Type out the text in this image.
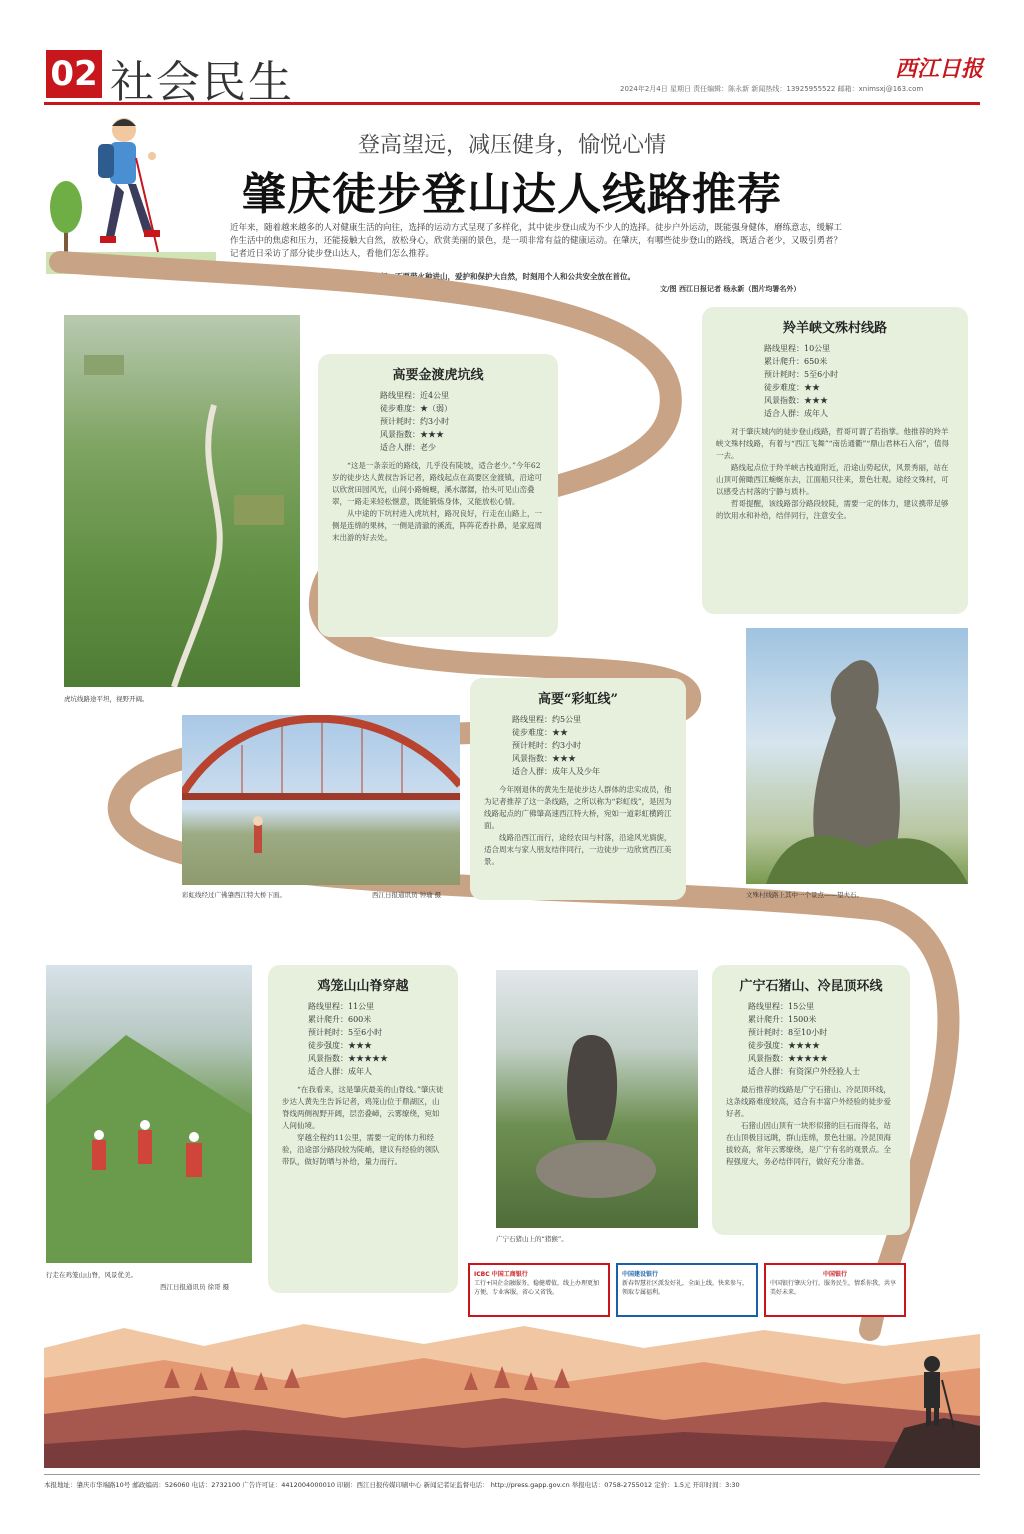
02 社会民生	西江日报
2024年2月4日 星期日 责任编辑：陈永新 新闻热线：13925955522 邮箱：xnimsxj@163.com
登高望远，减压健身，愉悦心情
肇庆徒步登山达人线路推荐
近年来，随着越来越多的人对健康生活的向往，选择的运动方式呈现了多样化，其中徒步登山成为不少人的选择。徒步户外运动，既能强身健体，磨练意志，缓解工作生活中的焦虑和压力，还能接触大自然，放松身心，欣赏美丽的景色，是一项非常有益的健康运动。在肇庆，有哪些徒步登山的路线，既适合老少，又吸引勇者？记者近日采访了部分徒步登山达人，看他们怎么推荐。
特别提醒：无论什么时候，徒步登山需量力而行，不要带火种进山，爱护和保护大自然，时刻用个人和公共安全放在首位。
文/图 西江日报记者 杨永新（图片均署名外）
虎坑线路途平坦，视野开阔。
高要金渡虎坑线
路线里程：近4公里
徒步难度：★（弱）
预计耗时：约3小时
风景指数：★★★
适合人群：老少

“这是一条亲近的路线，几乎没有陡坡，适合老少。”今年62岁的徒步达人黄叔告诉记者，路线起点在高要区金渡镇，沿途可以欣赏田园风光，山间小路蜿蜒，溪水潺潺，抬头可见山峦叠翠，一路走来轻松惬意，既能锻炼身体，又能放松心情。

从中途的下坑村进入虎坑村，路况良好，行走在山路上，一侧是连绵的果林，一侧是清澈的溪流，阵阵花香扑鼻，是家庭周末出游的好去处。

羚羊峡文殊村线路
路线里程：10公里
累计爬升：650米
预计耗时：5至6小时
徒步难度：★★
风景指数：★★★
适合人群：成年人

对于肇庆城内的徒步登山线路，哲哥可谓了若指掌。他推荐的羚羊峡文殊村线路，有着与“西江飞舞”“南岳通衢”“鼎山君林石入宿”，值得一去。

路线起点位于羚羊峡古栈道附近，沿途山势起伏，风景秀丽，站在山顶可俯瞰西江蜿蜒东去，江面船只往来，景色壮观。途经文殊村，可以感受古村落的宁静与质朴。

哲哥提醒，该线路部分路段较陡，需要一定的体力，建议携带足够的饮用水和补给，结伴同行，注意安全。

高要“彩虹线”
路线里程：约5公里
徒步难度：★★
预计耗时：约3小时
风景指数：★★★
适合人群：成年人及少年

今年刚退休的黄先生是徒步达人群体的忠实成员，他为记者推荐了这一条线路，之所以称为“彩虹线”，是因为线路起点的广佛肇高速西江特大桥，宛如一道彩虹横跨江面。

线路沿西江而行，途经农田与村落，沿途风光旖旎，适合周末与家人朋友结伴同行，一边徒步一边欣赏西江美景。

彩虹线经过广佛肇西江特大桥下面。	西江日报通讯员 钟瑜 摄	文殊村线路上其中一个景点——望夫石。
行走在鸡笼山山脊，风景优美。
西江日报通讯员 徐哥 摄
鸡笼山山脊穿越
路线里程：11公里
累计爬升：600米
预计耗时：5至6小时
徒步强度：★★★
风景指数：★★★★★
适合人群：成年人

“在我看来，这是肇庆最美的山脊线。”肇庆徒步达人黄先生告诉记者，鸡笼山位于鼎湖区，山脊线两侧视野开阔，层峦叠嶂，云雾缭绕，宛如人间仙境。

穿越全程约11公里，需要一定的体力和经验，沿途部分路段较为陡峭，建议有经验的领队带队，做好防晒与补给，量力而行。

广宁石猪山上的“猪猴”。
广宁石猪山、冷昆顶环线
路线里程：15公里
累计爬升：1500米
预计耗时：8至10小时
徒步强度：★★★★
风景指数：★★★★★
适合人群：有资深户外经验人士

最后推荐的线路是广宁石猪山、冷昆顶环线，这条线路难度较高，适合有丰富户外经验的徒步爱好者。

石猪山因山顶有一块形似猪的巨石而得名，站在山顶极目远眺，群山连绵，景色壮丽。冷昆顶海拔较高，常年云雾缭绕，是广宁有名的观景点。全程强度大，务必结伴同行，做好充分准备。

ICBC 中国工商银行
工行+国企金融服务，稳健增值，线上办理更加方便，专业客服，省心又省钱。
中国建设银行
新春智慧社区派发好礼，全面上线，快来参与，领取专属福利。
中国银行
中国银行肇庆分行，服务民生，情系你我，共享美好未来。
本报地址：肇庆市华端路10号 邮政编码：526060 电话：2732100 广告许可证：4412004000010 印刷：西江日报传媒印刷中心 新闻记者证监督电话： http://press.gapp.gov.cn 举报电话：0758-2755012 定价：1.5元 开印时间：3:30
